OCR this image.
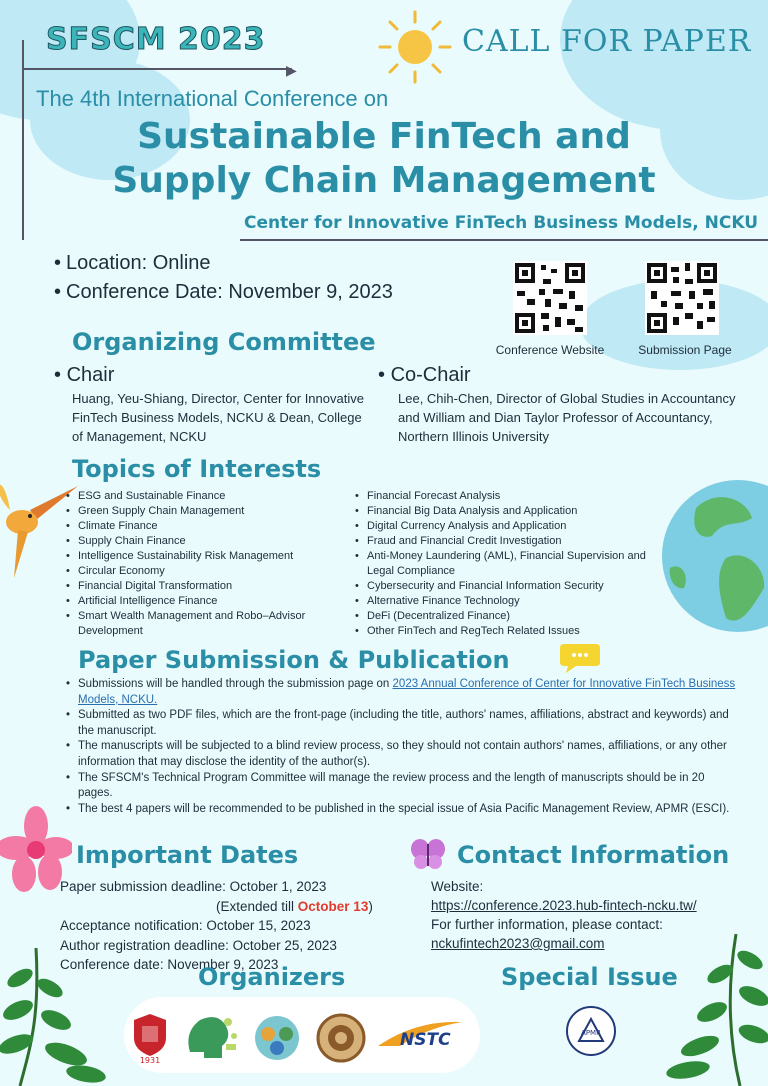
SFSCM 2023
▶
CALL FOR PAPER
The 4th International Conference on
Sustainable FinTech and
Supply Chain Management
Center for Innovative FinTech Business Models, NCKU
• Location: Online
• Conference Date: November 9, 2023
Conference Website	Submission Page
Organizing Committee
• Chair
Huang, Yeu-Shiang, Director, Center for Innovative FinTech Business Models, NCKU & Dean, College of Management, NCKU
• Co-Chair
Lee, Chih-Chen, Director of Global Studies in Accountancy and William and Dian Taylor Professor of Accountancy, Northern Illinois University
Topics of Interests
• ESG and Sustainable Finance
• Green Supply Chain Management
• Climate Finance
• Supply Chain Finance
• Intelligence Sustainability Risk Management
• Circular Economy
• Financial Digital Transformation
• Artificial Intelligence Finance
• Smart Wealth Management and Robo–Advisor Development
• Financial Forecast Analysis
• Financial Big Data Analysis and Application
• Digital Currency Analysis and Application
• Fraud and Financial Credit Investigation
• Anti-Money Laundering (AML), Financial Supervision and Legal Compliance
• Cybersecurity and Financial Information Security
• Alternative Finance Technology
• DeFi (Decentralized Finance)
• Other FinTech and RegTech Related Issues
Paper Submission & Publication
• Submissions will be handled through the submission page on 2023 Annual Conference of Center for Innovative FinTech Business Models, NCKU.
• Submitted as two PDF files, which are the front-page (including the title, authors' names, affiliations, abstract and keywords) and the manuscript.
• The manuscripts will be subjected to a blind review process, so they should not contain authors' names, affiliations, or any other information that may disclose the identity of the author(s).
• The SFSCM's Technical Program Committee will manage the review process and the length of manuscripts should be in 20 pages.
• The best 4 papers will be recommended to be published in the special issue of Asia Pacific Management Review, APMR (ESCI).
Important Dates
Paper submission deadline: October 1, 2023
(Extended till October 13)
Acceptance notification: October 15, 2023
Author registration deadline: October 25, 2023
Conference date: November 9, 2023
Contact Information
Website:
https://conference.2023.hub-fintech-ncku.tw/
For further information, please contact:
nckufintech2023@gmail.com
Organizers	Special Issue
1931
NSTC	APMR
